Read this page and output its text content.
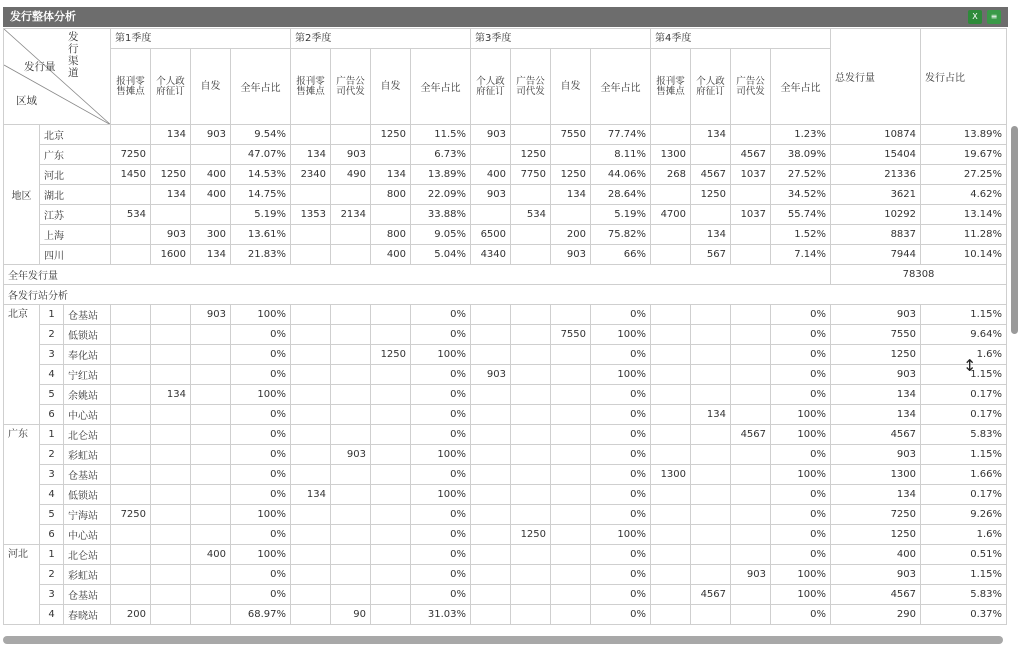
发行整体分析	X	≡
发行渠道
发行量
区域			第1季度				第2季度				第3季度				第4季度				总发行量	发行占比
			报刊零售摊点	个人政府征订	自发	全年占比	报刊零售摊点	广告公司代发	自发	全年占比	个人政府征订	广告公司代发	自发	全年占比	报刊零售摊点	个人政府征订	广告公司代发	全年占比		
地区	北京			134	903	9.54%			1250	11.5%	903		7550	77.74%		134		1.23%	10874	13.89%
	广东		7250			47.07%	134	903		6.73%		1250		8.11%	1300		4567	38.09%	15404	19.67%
	河北		1450	1250	400	14.53%	2340	490	134	13.89%	400	7750	1250	44.06%	268	4567	1037	27.52%	21336	27.25%
	湖北			134	400	14.75%			800	22.09%	903		134	28.64%		1250		34.52%	3621	4.62%
	江苏		534			5.19%	1353	2134		33.88%		534		5.19%	4700		1037	55.74%	10292	13.14%
	上海			903	300	13.61%			800	9.05%	6500		200	75.82%		134		1.52%	8837	11.28%
	四川			1600	134	21.83%			400	5.04%	4340		903	66%		567		7.14%	7944	10.14%
全年发行量																			78308	
各发行站分析																				
北京	1	仓基站			903	100%				0%				0%				0%	903	1.15%
	2	低锁站				0%				0%			7550	100%				0%	7550	9.64%
	3	奉化站				0%			1250	100%				0%				0%	1250	1.6%
	4	宁红站				0%				0%	903			100%				0%	903	1.15%
	5	余姚站		134		100%				0%				0%				0%	134	0.17%
	6	中心站				0%				0%				0%		134		100%	134	0.17%
广东	1	北仑站				0%				0%				0%			4567	100%	4567	5.83%
	2	彩虹站				0%		903		100%				0%				0%	903	1.15%
	3	仓基站				0%				0%				0%	1300			100%	1300	1.66%
	4	低锁站				0%	134			100%				0%				0%	134	0.17%
	5	宁海站	7250			100%				0%				0%				0%	7250	9.26%
	6	中心站				0%				0%		1250		100%				0%	1250	1.6%
河北	1	北仑站			400	100%				0%				0%				0%	400	0.51%
	2	彩虹站				0%				0%				0%			903	100%	903	1.15%
	3	仓基站				0%				0%				0%		4567		100%	4567	5.83%
	4	春晓站	200			68.97%		90		31.03%				0%				0%	290	0.37%
↕
